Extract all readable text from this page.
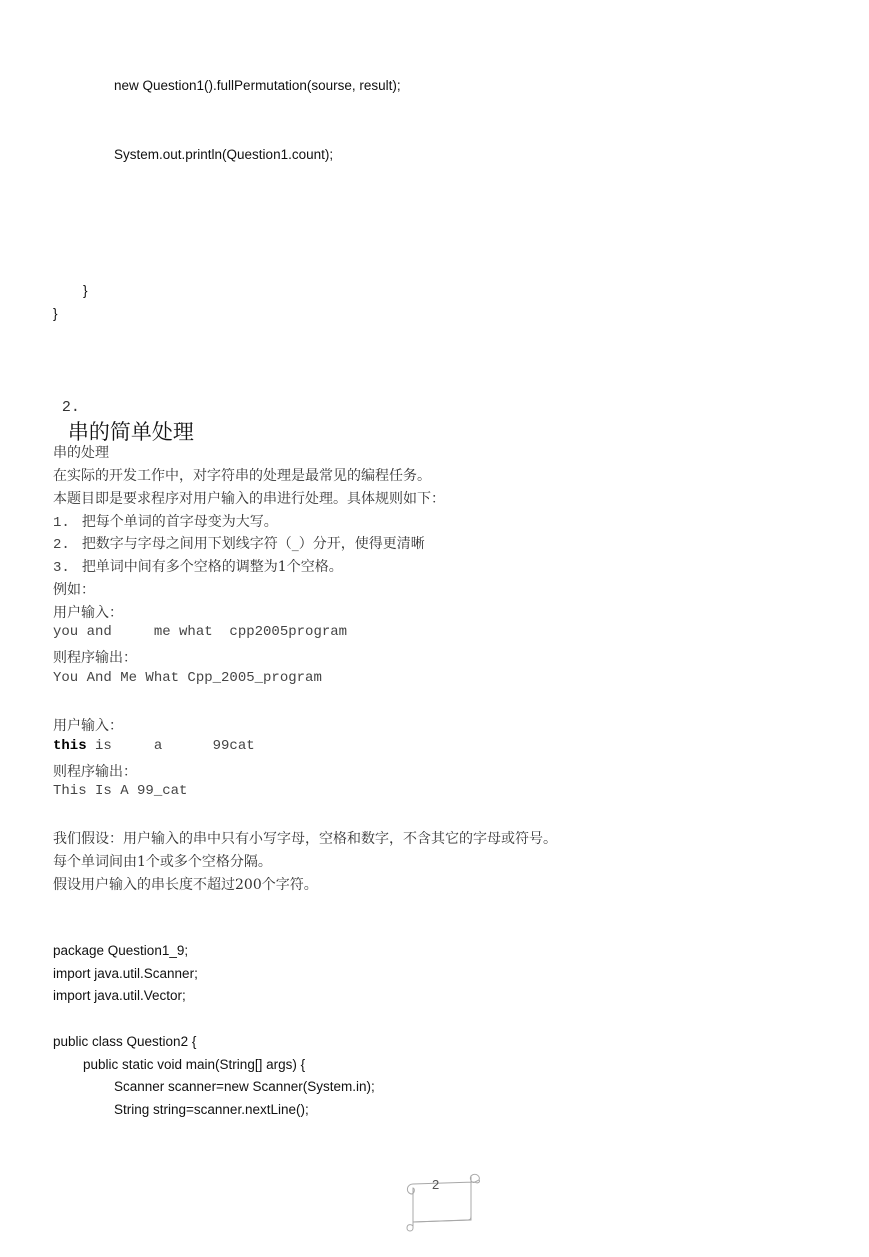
new Question1().fullPermutation(sourse, result);
System.out.println(Question1.count);
}
}

2.
串的简单处理

串的处理
在实际的开发工作中，对字符串的处理是最常见的编程任务。
本题目即是要求程序对用户输入的串进行处理。具体规则如下：
1. 把每个单词的首字母变为大写。
2. 把数字与字母之间用下划线字符（_）分开，使得更清晰
3. 把单词中间有多个空格的调整为1个空格。
例如：
用户输入：
you and     me what  cpp2005program
则程序输出：
You And Me What Cpp_2005_program
用户输入：
this is     a      99cat
则程序输出：
This Is A 99_cat
我们假设：用户输入的串中只有小写字母，空格和数字，不含其它的字母或符号。
每个单词间由1个或多个空格分隔。
假设用户输入的串长度不超过200个字符。
package Question1_9;
import java.util.Scanner;
import java.util.Vector;
public class Question2 {
public static void main(String[] args) {
Scanner scanner=new Scanner(System.in);
String string=scanner.nextLine();

2
